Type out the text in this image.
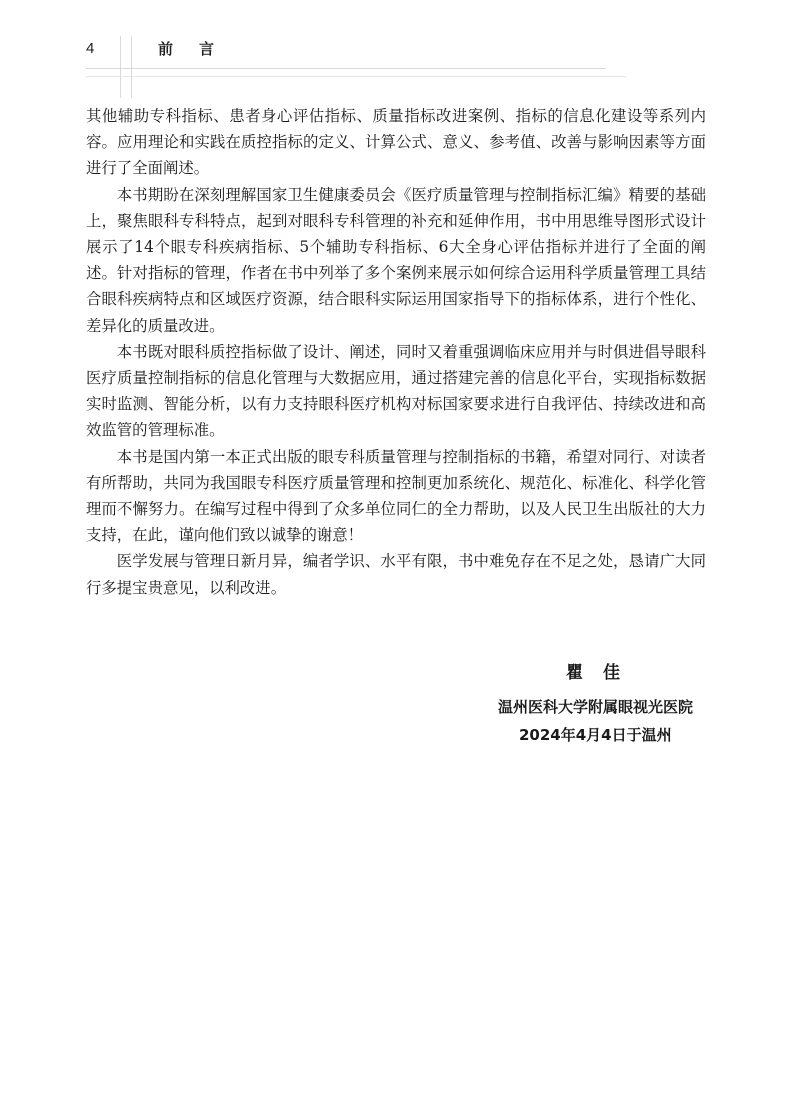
4	前言

其他辅助专科指标、患者身心评估指标、质量指标改进案例、指标的信息化建设等系列内容。应用理论和实践在质控指标的定义、计算公式、意义、参考值、改善与影响因素等方面进行了全面阐述。

本书期盼在深刻理解国家卫生健康委员会《医疗质量管理与控制指标汇编》精要的基础上，聚焦眼科专科特点，起到对眼科专科管理的补充和延伸作用，书中用思维导图形式设计展示了14个眼专科疾病指标、5个辅助专科指标、6大全身心评估指标并进行了全面的阐述。针对指标的管理，作者在书中列举了多个案例来展示如何综合运用科学质量管理工具结合眼科疾病特点和区域医疗资源，结合眼科实际运用国家指导下的指标体系，进行个性化、差异化的质量改进。

本书既对眼科质控指标做了设计、阐述，同时又着重强调临床应用并与时俱进倡导眼科医疗质量控制指标的信息化管理与大数据应用，通过搭建完善的信息化平台，实现指标数据实时监测、智能分析，以有力支持眼科医疗机构对标国家要求进行自我评估、持续改进和高效监管的管理标准。

本书是国内第一本正式出版的眼专科质量管理与控制指标的书籍，希望对同行、对读者有所帮助，共同为我国眼专科医疗质量管理和控制更加系统化、规范化、标准化、科学化管理而不懈努力。在编写过程中得到了众多单位同仁的全力帮助，以及人民卫生出版社的大力支持，在此，谨向他们致以诚挚的谢意！

医学发展与管理日新月异，编者学识、水平有限，书中难免存在不足之处，恳请广大同行多提宝贵意见，以利改进。

瞿佳
温州医科大学附属眼视光医院
2024年4月4日于温州
